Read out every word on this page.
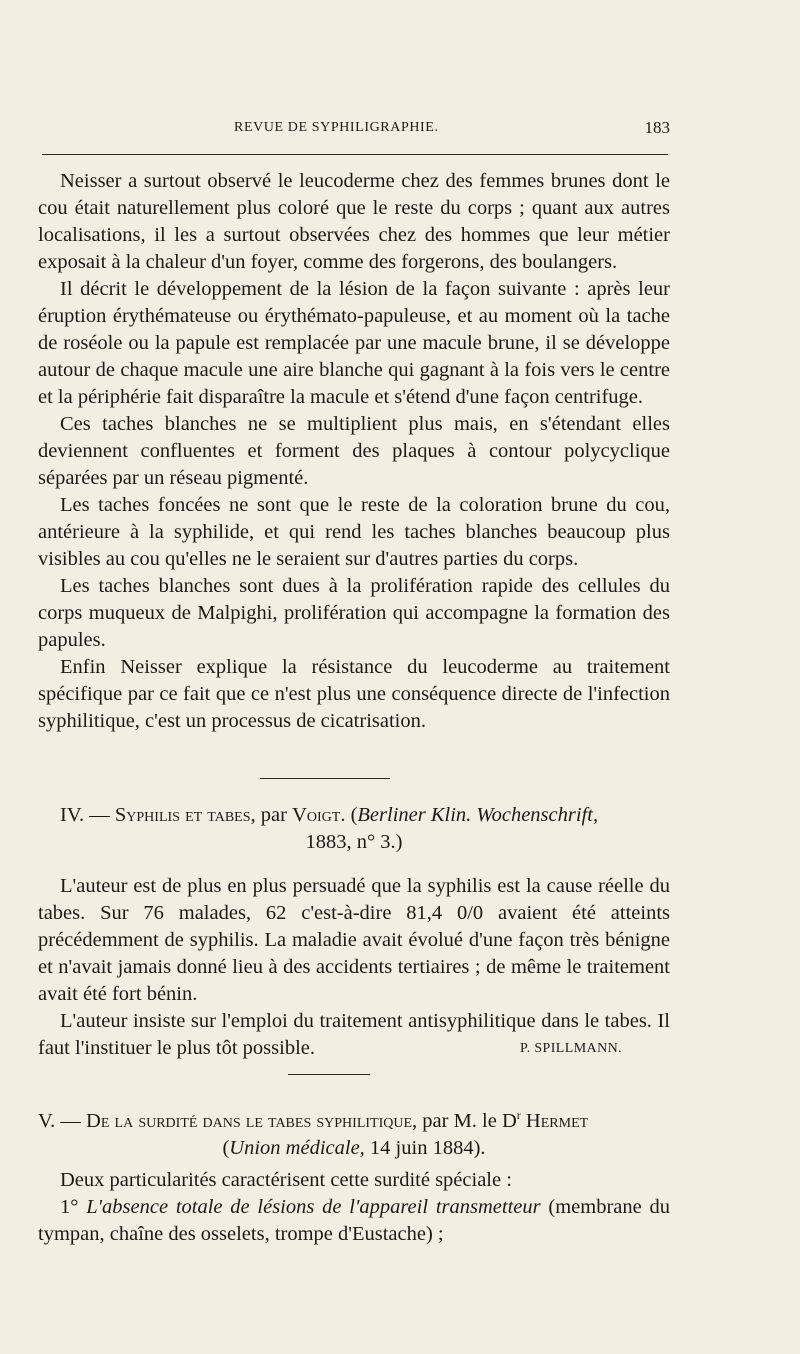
REVUE DE SYPHILIGRAPHIE.	183

Neisser a surtout observé le leucoderme chez des femmes brunes dont le cou était naturellement plus coloré que le reste du corps ; quant aux autres localisations, il les a surtout observées chez des hommes que leur métier exposait à la chaleur d'un foyer, comme des forgerons, des boulangers.

Il décrit le développement de la lésion de la façon suivante : après leur éruption érythémateuse ou érythémato-papuleuse, et au moment où la tache de roséole ou la papule est remplacée par une macule brune, il se développe autour de chaque macule une aire blanche qui gagnant à la fois vers le centre et la périphérie fait disparaître la macule et s'étend d'une façon centrifuge.

Ces taches blanches ne se multiplient plus mais, en s'étendant elles deviennent confluentes et forment des plaques à contour polycyclique séparées par un réseau pigmenté.

Les taches foncées ne sont que le reste de la coloration brune du cou, antérieure à la syphilide, et qui rend les taches blanches beaucoup plus visibles au cou qu'elles ne le seraient sur d'autres parties du corps.

Les taches blanches sont dues à la prolifération rapide des cellules du corps muqueux de Malpighi, prolifération qui accompagne la formation des papules.

Enfin Neisser explique la résistance du leucoderme au traitement spécifique par ce fait que ce n'est plus une conséquence directe de l'infection syphilitique, c'est un processus de cicatrisation.

IV. — Syphilis et tabes, par Voigt. (Berliner Klin. Wochenschrift,
1883, n° 3.)

L'auteur est de plus en plus persuadé que la syphilis est la cause réelle du tabes. Sur 76 malades, 62 c'est-à-dire 81,4 0/0 avaient été atteints précédemment de syphilis. La maladie avait évolué d'une façon très bénigne et n'avait jamais donné lieu à des accidents tertiaires ; de même le traitement avait été fort bénin.

L'auteur insiste sur l'emploi du traitement antisyphilitique dans le tabes. Il faut l'instituer le plus tôt possible.	P. SPILLMANN.

V. — De la surdité dans le tabes syphilitique, par M. le $D^r$ Hermet
(Union médicale, 14 juin 1884).

Deux particularités caractérisent cette surdité spéciale :

1° L'absence totale de lésions de l'appareil transmetteur (membrane du tympan, chaîne des osselets, trompe d'Eustache) ;
